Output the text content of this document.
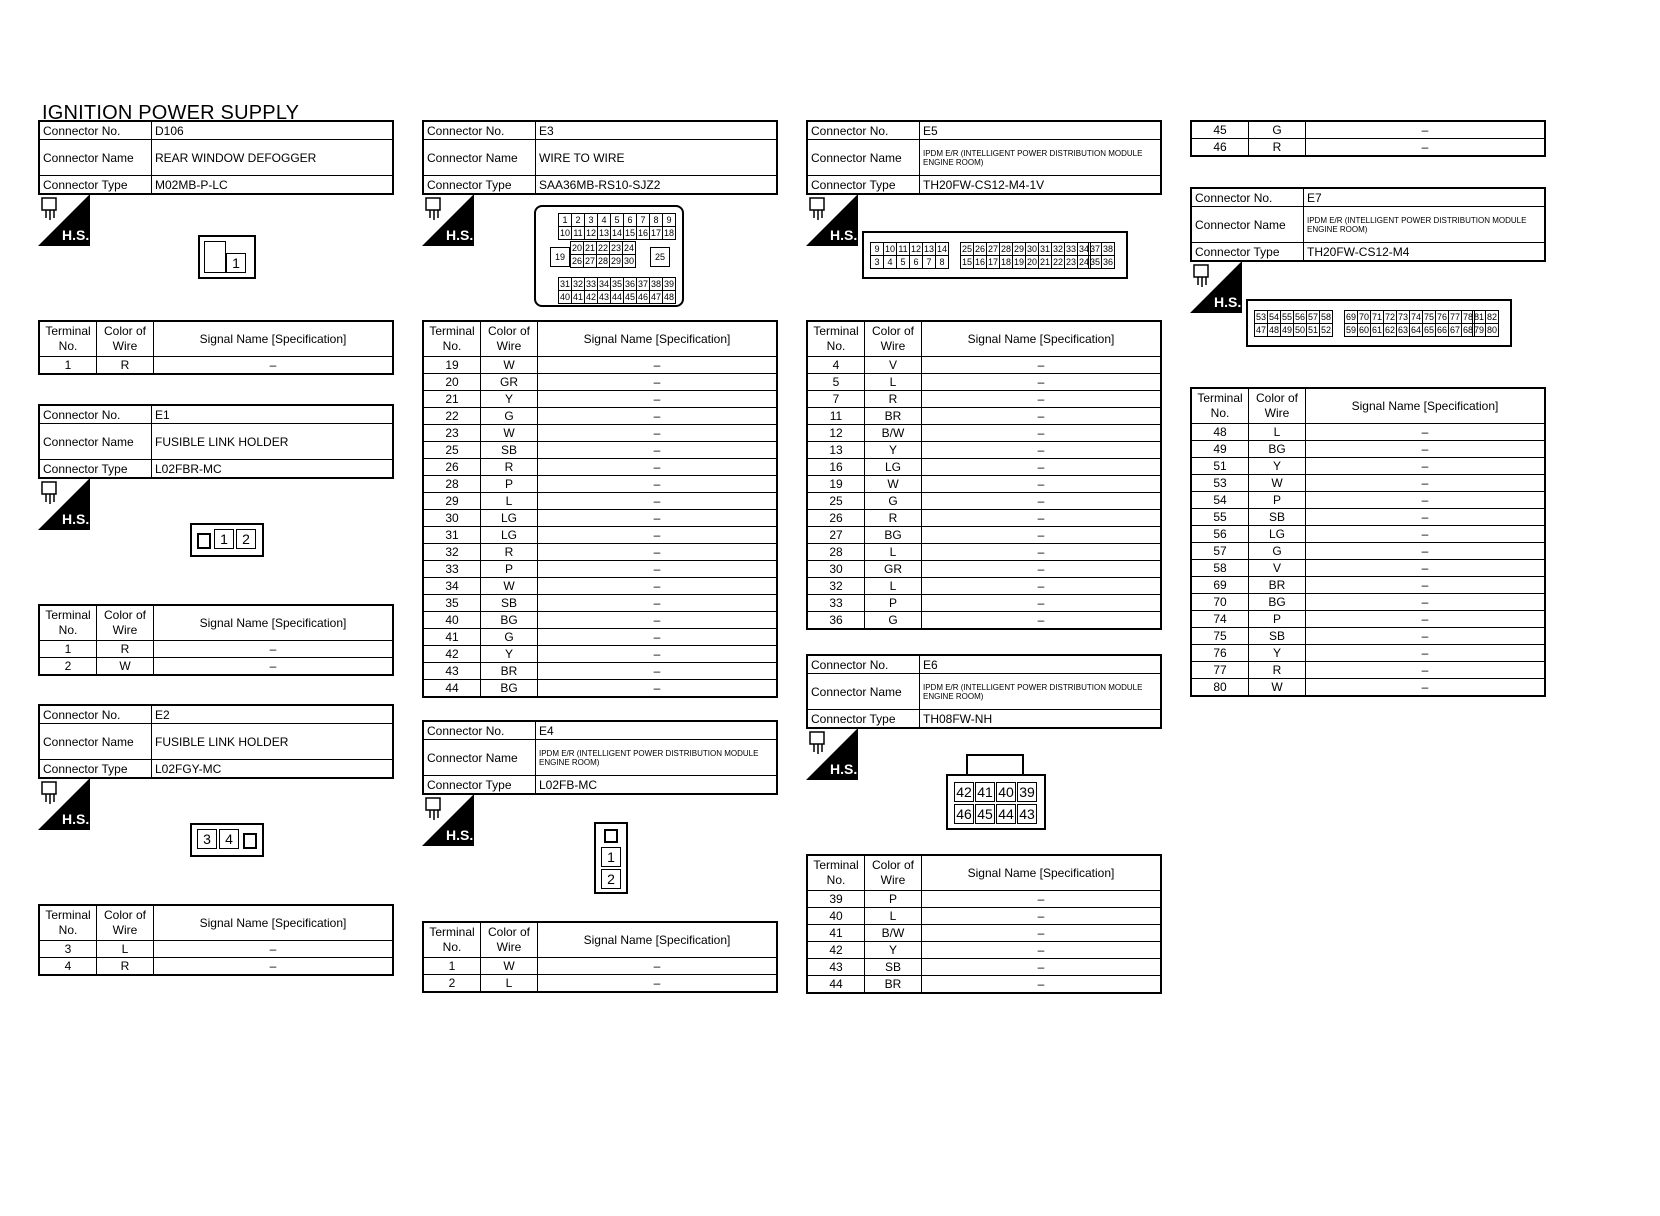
IGNITION POWER SUPPLY
Connector No.	D106
Connector Name	REAR WINDOW DEFOGGER
Connector Type	M02MB-P-LC
H.S.
1
Terminal No.	Color of Wire	Signal Name [Specification]
1	R	–
Connector No.	E1
Connector Name	FUSIBLE LINK HOLDER
Connector Type	L02FBR-MC
H.S.
1	2
Terminal No.	Color of Wire	Signal Name [Specification]
1	R	–
2	W	–
Connector No.	E2
Connector Name	FUSIBLE LINK HOLDER
Connector Type	L02FGY-MC
H.S.
3	4
Terminal No.	Color of Wire	Signal Name [Specification]
3	L	–
4	R	–
Connector No.	E3
Connector Name	WIRE TO WIRE
Connector Type	SAA36MB-RS10-SJZ2
H.S.
1	2	3	4	5	6	7	8	9
10	11	12	13	14	15	16	17	18
19
20	21	22	23	24
26	27	28	29	30	25
31	32	33	34	35	36	37	38	39
40	41	42	43	44	45	46	47	48
Terminal No.	Color of Wire	Signal Name [Specification]
19	W	–
20	GR	–
21	Y	–
22	G	–
23	W	–
25	SB	–
26	R	–
28	P	–
29	L	–
30	LG	–
31	LG	–
32	R	–
33	P	–
34	W	–
35	SB	–
40	BG	–
41	G	–
42	Y	–
43	BR	–
44	BG	–
Connector No.	E4
Connector Name	IPDM E/R (INTELLIGENT POWER DISTRIBUTION MODULE ENGINE ROOM)
Connector Type	L02FB-MC
H.S.
1
2
Terminal No.	Color of Wire	Signal Name [Specification]
1	W	–
2	L	–
Connector No.	E5
Connector Name	IPDM E/R (INTELLIGENT POWER DISTRIBUTION MODULE ENGINE ROOM)
Connector Type	TH20FW-CS12-M4-1V
H.S.
9	10	11	12	13	14
3	4	5	6	7	8
25	26	27	28	29	30	31	32	33	34
15	16	17	18	19	20	21	22	23	24
37	38
35	36
Terminal No.	Color of Wire	Signal Name [Specification]
4	V	–
5	L	–
7	R	–
11	BR	–
12	B/W	–
13	Y	–
16	LG	–
19	W	–
25	G	–
26	R	–
27	BG	–
28	L	–
30	GR	–
32	L	–
33	P	–
36	G	–
Connector No.	E6
Connector Name	IPDM E/R (INTELLIGENT POWER DISTRIBUTION MODULE ENGINE ROOM)
Connector Type	TH08FW-NH
H.S.
42 41 40 39
46 45 44 43
Terminal No.	Color of Wire	Signal Name [Specification]
39	P	–
40	L	–
41	B/W	–
42	Y	–
43	SB	–
44	BR	–
45	G	–
46	R	–
Connector No.	E7
Connector Name	IPDM E/R (INTELLIGENT POWER DISTRIBUTION MODULE ENGINE ROOM)
Connector Type	TH20FW-CS12-M4
H.S.
53	54	55	56	57	58
47	48	49	50	51	52
69	70	71	72	73	74	75	76	77	78
59	60	61	62	63	64	65	66	67	68
81	82
79	80
Terminal No.	Color of Wire	Signal Name [Specification]
48	L	–
49	BG	–
51	Y	–
53	W	–
54	P	–
55	SB	–
56	LG	–
57	G	–
58	V	–
69	BR	–
70	BG	–
74	P	–
75	SB	–
76	Y	–
77	R	–
80	W	–
